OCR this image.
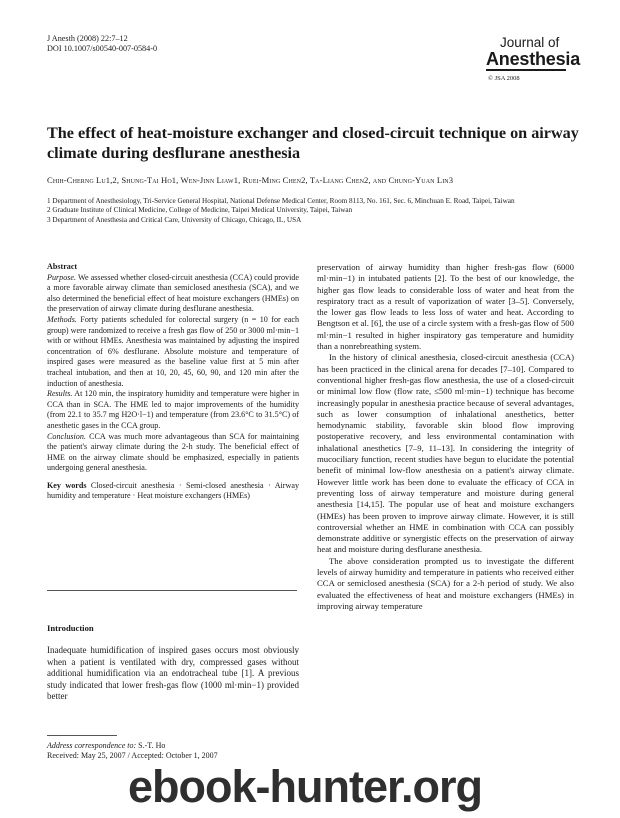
J Anesth (2008) 22:7–12
DOI 10.1007/s00540-007-0584-0	Journal of
Anesthesia
© JSA 2008
The effect of heat-moisture exchanger and closed-circuit technique on airway climate during desflurane anesthesia
Chih-Cherng Lu1,2, Shung-Tai Ho1, Wen-Jinn Liaw1, Ruei-Ming Chen2, Ta-Liang Chen2, and Chung-Yuan Lin3
1 Department of Anesthesiology, Tri-Service General Hospital, National Defense Medical Center, Room 8113, No. 161, Sec. 6, Minchuan E. Road, Taipei, Taiwan
2 Graduate Institute of Clinical Medicine, College of Medicine, Taipei Medical University, Taipei, Taiwan
3 Department of Anesthesia and Critical Care, University of Chicago, Chicago, IL, USA

Abstract

Purpose. We assessed whether closed-circuit anesthesia (CCA) could provide a more favorable airway climate than semiclosed anesthesia (SCA), and we also determined the beneficial effect of heat moisture exchangers (HMEs) on the preservation of airway climate during desflurane anesthesia.

Methods. Forty patients scheduled for colorectal surgery (n = 10 for each group) were randomized to receive a fresh gas flow of 250 or 3000 ml·min−1 with or without HMEs. Anesthesia was maintained by adjusting the inspired concentration of 6% desflurane. Absolute moisture and temperature of inspired gases were measured as the baseline value first at 5 min after tracheal intubation, and then at 10, 20, 45, 60, 90, and 120 min after the induction of anesthesia.

Results. At 120 min, the inspiratory humidity and temperature were higher in CCA than in SCA. The HME led to major improvements of the humidity (from 22.1 to 35.7 mg H2O·l−1) and temperature (from 23.6°C to 31.5°C) of anesthetic gases in the CCA group.

Conclusion. CCA was much more advantageous than SCA for maintaining the patient's airway climate during the 2-h study. The beneficial effect of HME on the airway climate should be emphasized, especially in patients undergoing general anesthesia.

Key words Closed-circuit anesthesia · Semi-closed anesthesia · Airway humidity and temperature · Heat moisture exchangers (HMEs)

Introduction
Inadequate humidification of inspired gases occurs most obviously when a patient is ventilated with dry, compressed gases without additional humidification via an endotracheal tube [1]. A previous study indicated that lower fresh-gas flow (1000 ml·min−1) provided better
Address correspondence to: S.-T. Ho
Received: May 25, 2007 / Accepted: October 1, 2007

preservation of airway humidity than higher fresh-gas flow (6000 ml·min−1) in intubated patients [2]. To the best of our knowledge, the higher gas flow leads to considerable loss of water and heat from the respiratory tract as a result of vaporization of water [3–5]. Conversely, the lower gas flow leads to less loss of water and heat. According to Bengtson et al. [6], the use of a circle system with a fresh-gas flow of 500 ml·min−1 resulted in higher inspiratory gas temperature and humidity than a nonrebreathing system.

In the history of clinical anesthesia, closed-circuit anesthesia (CCA) has been practiced in the clinical arena for decades [7–10]. Compared to conventional higher fresh-gas flow anesthesia, the use of a closed-circuit or minimal low flow (flow rate, ≤500 ml·min−1) technique has become increasingly popular in anesthesia practice because of several advantages, such as lower consumption of inhalational anesthetics, better hemodynamic stability, favorable skin blood flow improving postoperative recovery, and less environmental contamination with inhalational anesthetics [7–9, 11–13]. In considering the integrity of mucociliary function, recent studies have begun to elucidate the potential benefit of minimal low-flow anesthesia on a patient's airway climate. However little work has been done to evaluate the efficacy of CCA in preventing loss of airway temperature and moisture during general anesthesia [14,15]. The popular use of heat and moisture exchangers (HMEs) has been proven to improve airway climate. However, it is still controversial whether an HME in combination with CCA can possibly demonstrate additive or synergistic effects on the preservation of airway heat and moisture during desflurane anesthesia.

The above consideration prompted us to investigate the different levels of airway humidity and temperature in patients who received either CCA or semiclosed anesthesia (SCA) for a 2-h period of study. We also evaluated the effectiveness of heat and moisture exchangers (HMEs) in improving airway temperature

ebook-hunter.org
